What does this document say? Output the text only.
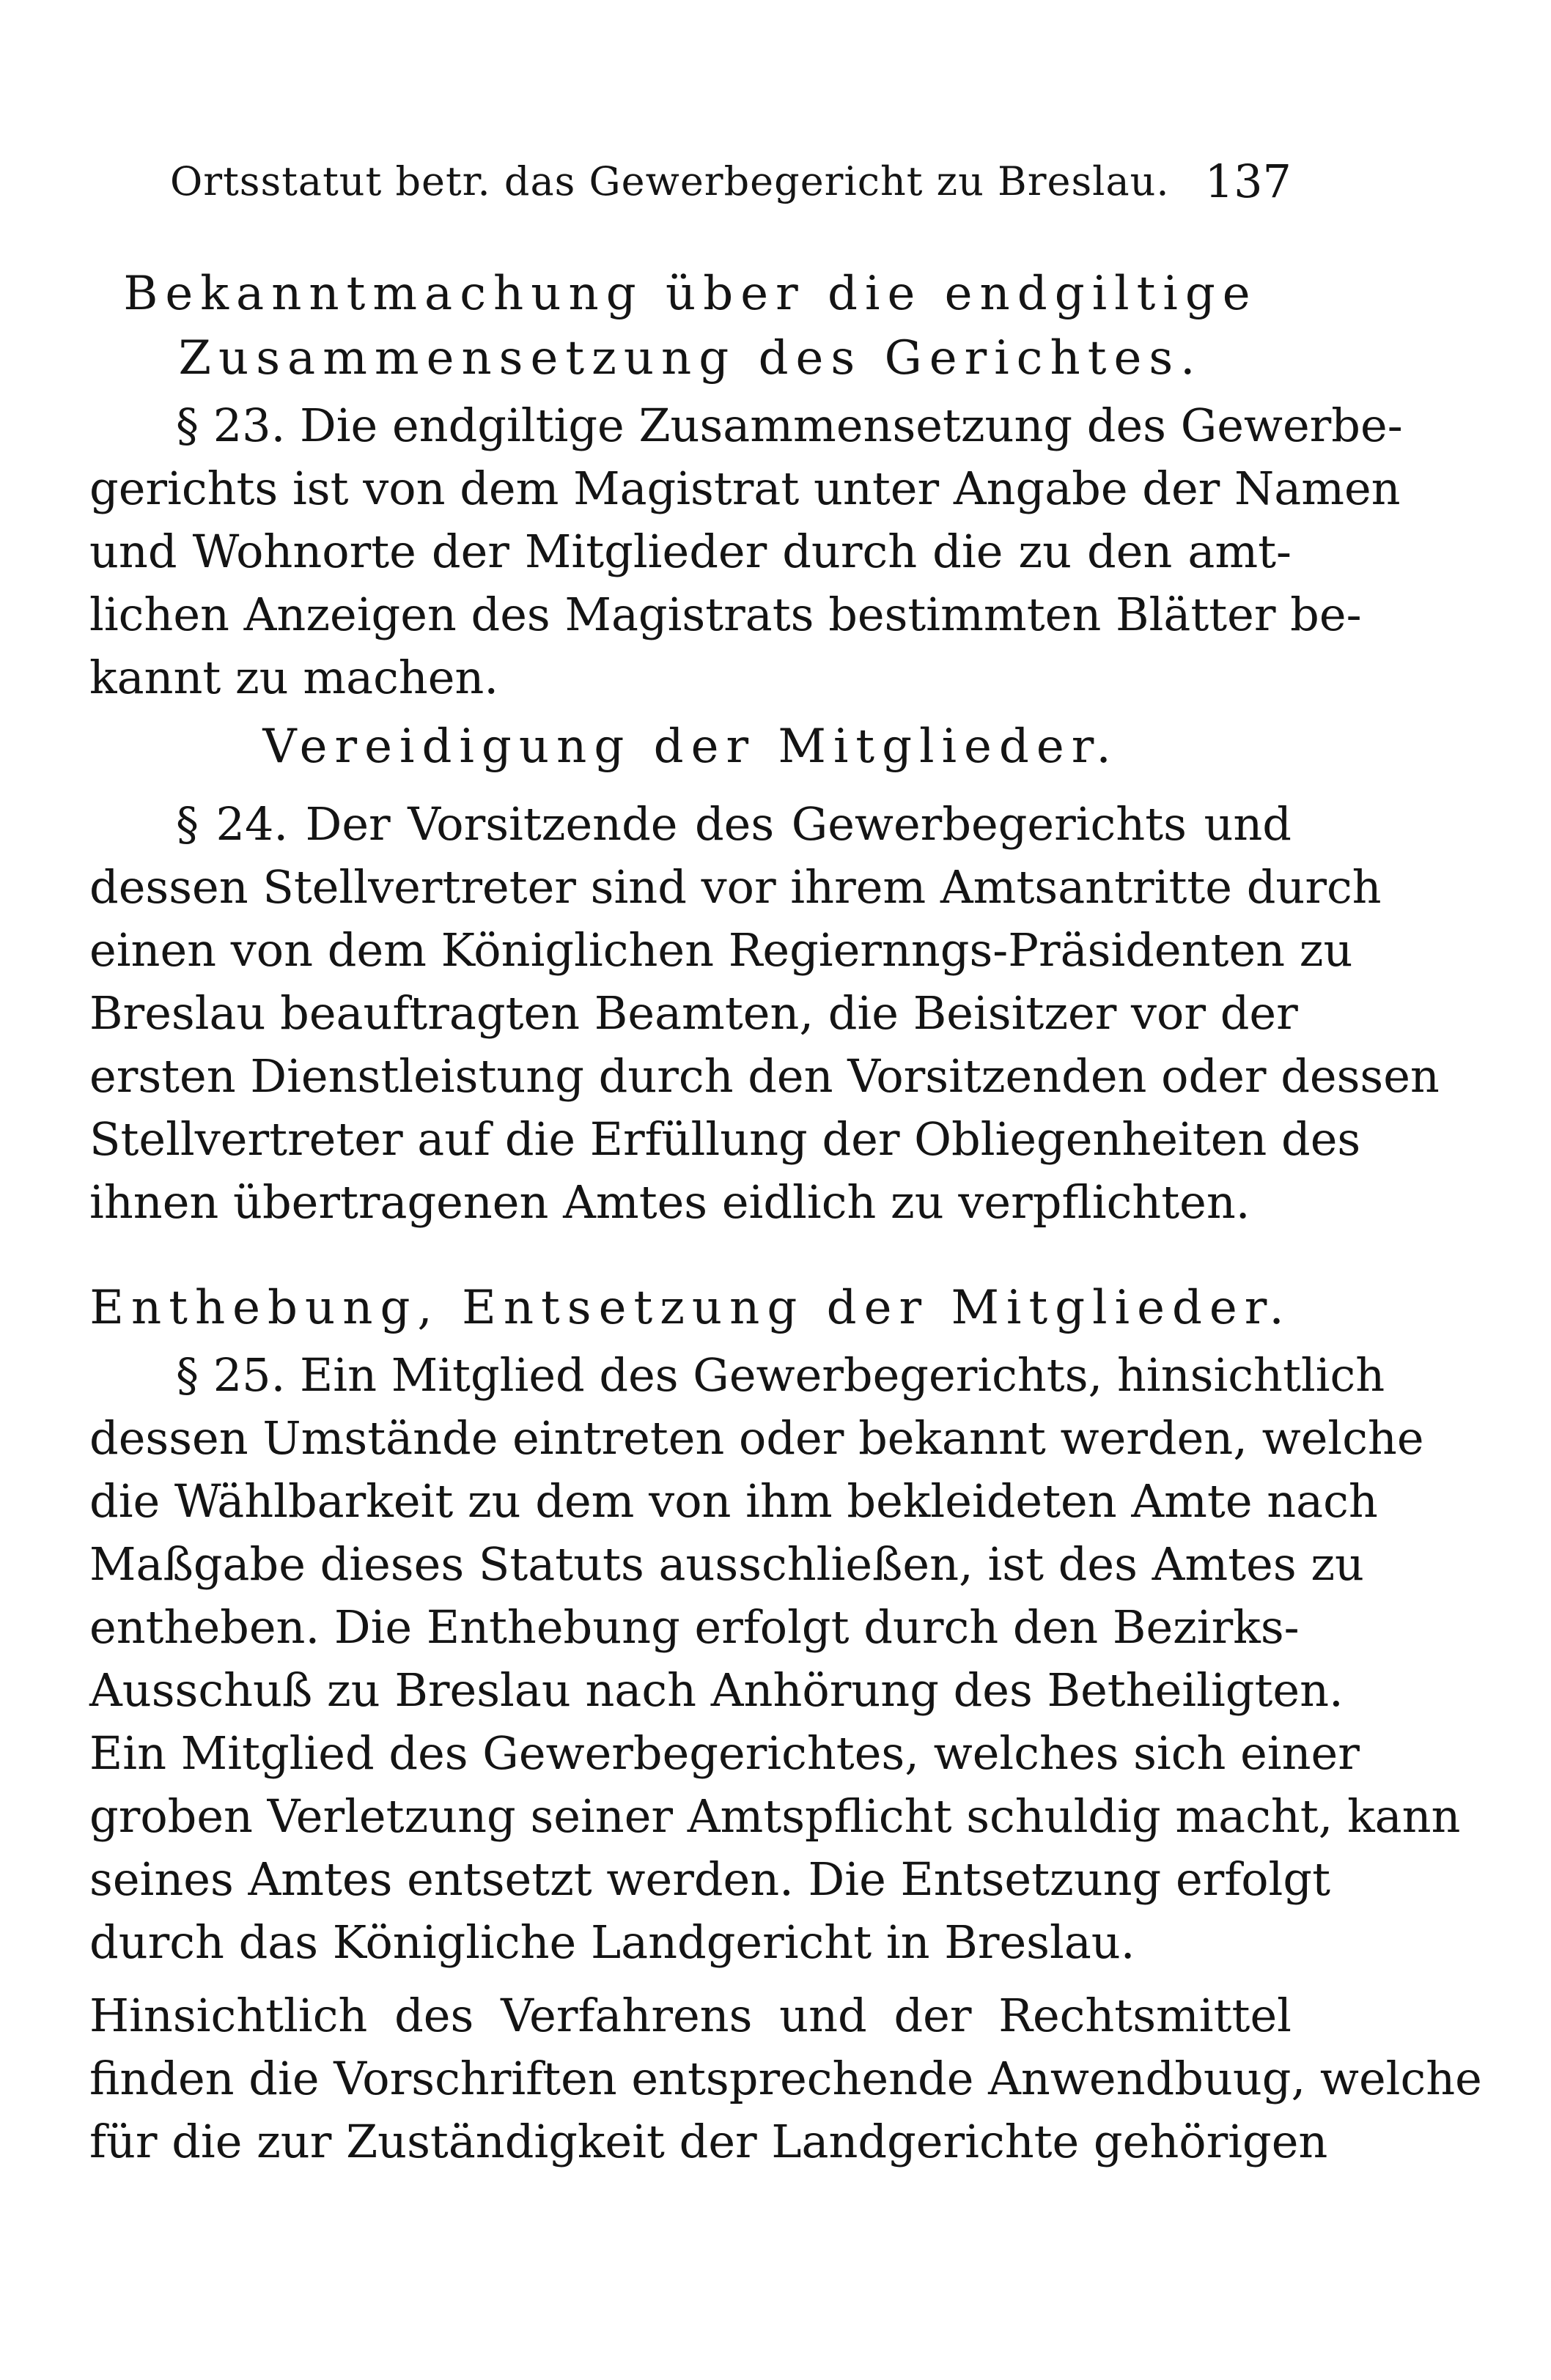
Ortsstatut betr. das Gewerbegericht zu Breslau. 137
Bekanntmachung über die endgiltige
Zusammensetzung des Gerichtes.
§ 23. Die endgiltige Zusammensetzung des Gewerbe-
gerichts ist von dem Magistrat unter Angabe der Namen
und Wohnorte der Mitglieder durch die zu den amt-
lichen Anzeigen des Magistrats bestimmten Blätter be-
kannt zu machen.
Vereidigung der Mitglieder.
§ 24. Der Vorsitzende des Gewerbegerichts und
dessen Stellvertreter sind vor ihrem Amtsantritte durch
einen von dem Königlichen Regiernngs-Präsidenten zu
Breslau beauftragten Beamten, die Beisitzer vor der
ersten Dienstleistung durch den Vorsitzenden oder dessen
Stellvertreter auf die Erfüllung der Obliegenheiten des
ihnen übertragenen Amtes eidlich zu verpflichten.
Enthebung, Entsetzung der Mitglieder.
§ 25. Ein Mitglied des Gewerbegerichts, hinsichtlich
dessen Umstände eintreten oder bekannt werden, welche
die Wählbarkeit zu dem von ihm bekleideten Amte nach
Maßgabe dieses Statuts ausschließen, ist des Amtes zu
entheben. Die Enthebung erfolgt durch den Bezirks-
Ausschuß zu Breslau nach Anhörung des Betheiligten.
Ein Mitglied des Gewerbegerichtes, welches sich einer
groben Verletzung seiner Amtspflicht schuldig macht, kann
seines Amtes entsetzt werden. Die Entsetzung erfolgt
durch das Königliche Landgericht in Breslau.
Hinsichtlich des Verfahrens und der Rechtsmittel
finden die Vorschriften entsprechende Anwendbuug, welche
für die zur Zuständigkeit der Landgerichte gehörigen
